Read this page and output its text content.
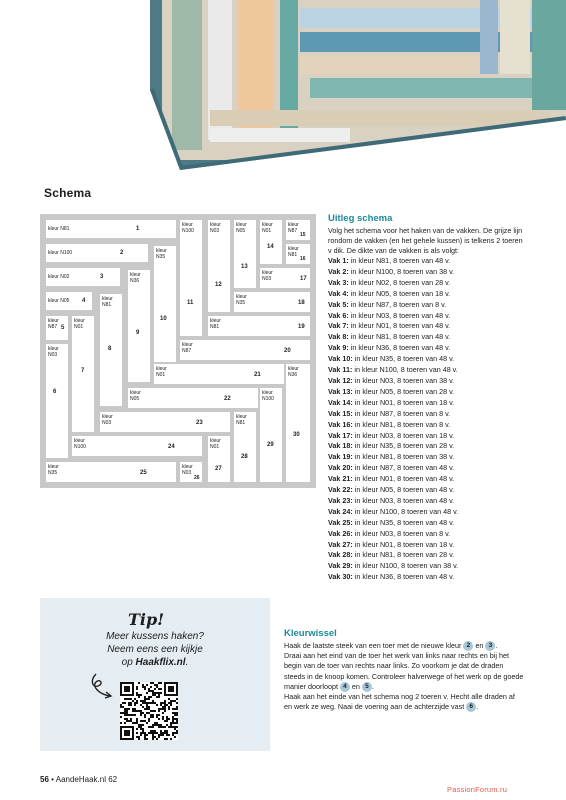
Schema
kleur N81	1
kleur N100	2
kleur N02	3
kleur N05 4
kleur
N87 5
kleur
N03
6
kleur
N01
7
kleur
N81
8
kleur
N36
9
kleur
N35
10
kleur
N100
11
kleur
N03
12
kleur
N05
13
kleur
N01
14
kleur
N87
15
kleur
N81
16
kleur
N03	17
kleur
N35	18
kleur
N81	19
kleur
N87	20
kleur
N01	21
kleur
N05	22
kleur
N03	23
kleur
N100	24
kleur
N35	25
kleur
N03
26
kleur
N01
27
kleur
N81
28
kleur
N100
29
kleur
N36
30
Uitleg schema
Volg het schema voor het haken van de vakken. De grijze lijn rondom de vakken (en het gehele kussen) is telkens 2 toeren v dik. De dikte van de vakken is als volgt:
Vak 1: in kleur N81, 8 toeren van 48 v.
Vak 2: in kleur N100, 8 toeren van 38 v.
Vak 3: in kleur N02, 8 toeren van 28 v.
Vak 4: in kleur N05, 8 toeren van 18 v.
Vak 5: in kleur N87, 8 toeren van 8 v.
Vak 6: in kleur N03, 8 toeren van 48 v.
Vak 7: in kleur N01, 8 toeren van 48 v.
Vak 8: in kleur N81, 8 toeren van 48 v.
Vak 9: in kleur N36, 8 toeren van 48 v.
Vak 10: in kleur N35, 8 toeren van 48 v.
Vak 11: in kleur N100, 8 toeren van 48 v.
Vak 12: in kleur N03, 8 toeren van 38 v.
Vak 13: in kleur N05, 8 toeren van 28 v.
Vak 14: in kleur N01, 8 toeren van 18 v.
Vak 15: in kleur N87, 8 toeren van 8 v.
Vak 16: in kleur N81, 8 toeren van 8 v.
Vak 17: in kleur N03, 8 toeren van 18 v.
Vak 18: in kleur N35, 8 toeren van 28 v.
Vak 19: in kleur N81, 8 toeren van 38 v.
Vak 20: in kleur N87, 8 toeren van 48 v.
Vak 21: in kleur N01, 8 toeren van 48 v.
Vak 22: in kleur N05, 8 toeren van 48 v.
Vak 23: in kleur N03, 8 toeren van 48 v.
Vak 24: in kleur N100, 8 toeren van 48 v.
Vak 25: in kleur N35, 8 toeren van 48 v.
Vak 26: in kleur N03, 8 toeren van 8 v.
Vak 27: in kleur N01, 8 toeren van 18 v.
Vak 28: in kleur N81, 8 toeren van 28 v.
Vak 29: in kleur N100, 8 toeren van 38 v.
Vak 30: in kleur N36, 8 toeren van 48 v.
Tip!
Meer kussens haken?
Neem eens een kijkje
op Haakflix.nl.
Kleurwissel
Haak de laatste steek van een toer met de nieuwe kleur 2 en 3 .
Draai aan het eind van de toer het werk van links naar rechts en bij het begin van de toer van rechts naar links. Zo voorkom je dat de draden steeds in de knoop komen. Controleer halverwege of het werk op de goede manier doorloopt 4 en 5 .
Haak aan het einde van het schema nog 2 toeren v. Hecht alle draden af en werk ze weg. Naai de voering aan de achterzijde vast 6 .
56 • AandeHaak.nl 62
PassionForum.ru
